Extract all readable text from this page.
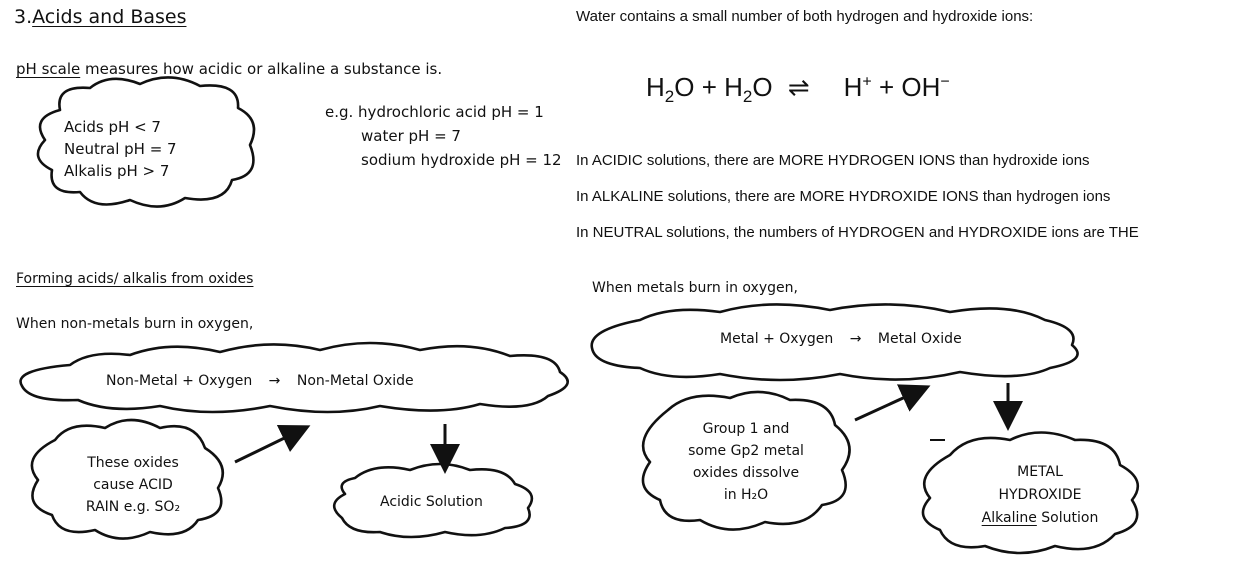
3.Acids and Bases
pH scale measures how acidic or alkaline a substance is.
Acids pH < 7
Neutral pH = 7
Alkalis pH > 7
e.g. hydrochloric acid pH = 1
water pH = 7
sodium hydroxide pH = 12
Forming acids/ alkalis from oxides
When non-metals burn in oxygen,
Non-Metal + Oxygen → Non-Metal Oxide
These oxides
cause ACID
RAIN e.g. SO₂	Acidic Solution
Water contains a small number of both hydrogen and hydroxide ions:
$H_2O + H_2O$ ⇌ H+ + OH−
In ACIDIC solutions, there are MORE HYDROGEN IONS than hydroxide ions
In ALKALINE solutions, there are MORE HYDROXIDE IONS than hydrogen ions
In NEUTRAL solutions, the numbers of HYDROGEN and HYDROXIDE ions are THE
When metals burn in oxygen,
Metal + Oxygen → Metal Oxide
Group 1 and
some Gp2 metal
oxides dissolve
in H₂O
METAL
HYDROXIDE
Alkaline Solution
